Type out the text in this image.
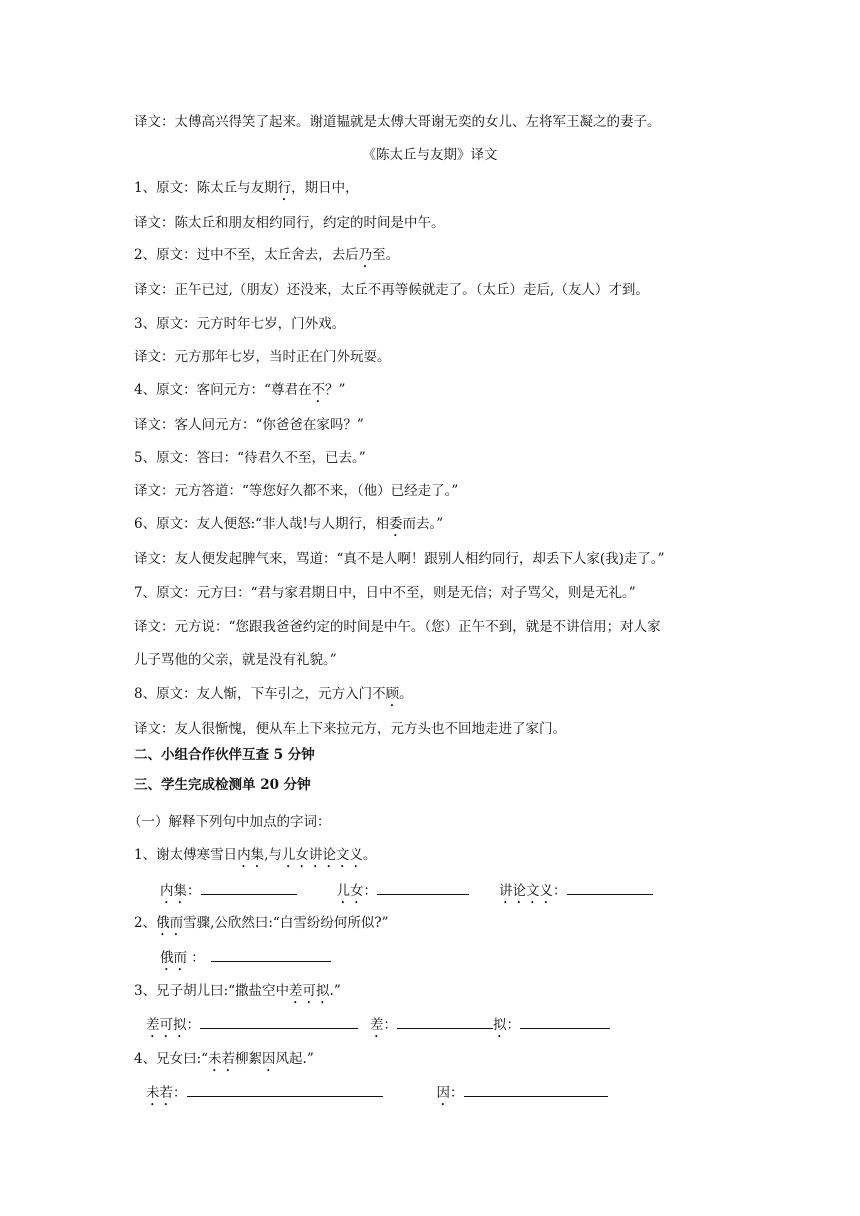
译文：太傅高兴得笑了起来。谢道韫就是太傅大哥谢无奕的女儿、左将军王凝之的妻子。
《陈太丘与友期》译文
1、原文：陈太丘与友期行，期日中，
译文：陈太丘和朋友相约同行，约定的时间是中午。
2、原文：过中不至，太丘舍去，去后乃至。
译文：正午已过,（朋友）还没来，太丘不再等候就走了。（太丘）走后,（友人）才到。
3、原文：元方时年七岁，门外戏。
译文：元方那年七岁，当时正在门外玩耍。
4、原文：客问元方：“尊君在不？”
译文：客人问元方：“你爸爸在家吗？”
5、原文：答曰：“待君久不至，已去。”
译文：元方答道：“等您好久都不来，（他）已经走了。”
6、原文：友人便怒:“非人哉!与人期行，相委而去。”
译文：友人便发起脾气来，骂道：“真不是人啊！跟别人相约同行，却丢下人家(我)走了。”
7、原文：元方曰：“君与家君期日中，日中不至，则是无信；对子骂父，则是无礼。”
译文：元方说：“您跟我爸爸约定的时间是中午。（您）正午不到，就是不讲信用；对人家
儿子骂他的父亲，就是没有礼貌。”
8、原文：友人惭，下车引之，元方入门不顾。
译文：友人很惭愧，便从车上下来拉元方，元方头也不回地走进了家门。
二、小组合作伙伴互查 5 分钟
三、学生完成检测单 20 分钟
（一）解释下列句中加点的字词：
1、谢太傅寒雪日内集,与儿女讲论文义。
内集：	儿女：	讲论文义：
2、俄而雪骤,公欣然曰:“白雪纷纷何所似?”
俄而 ：
3、兄子胡儿曰:“撒盐空中差可拟.”
差可拟：	差：	拟：
4、兄女曰:“未若柳絮因风起.”
未若：	因：
